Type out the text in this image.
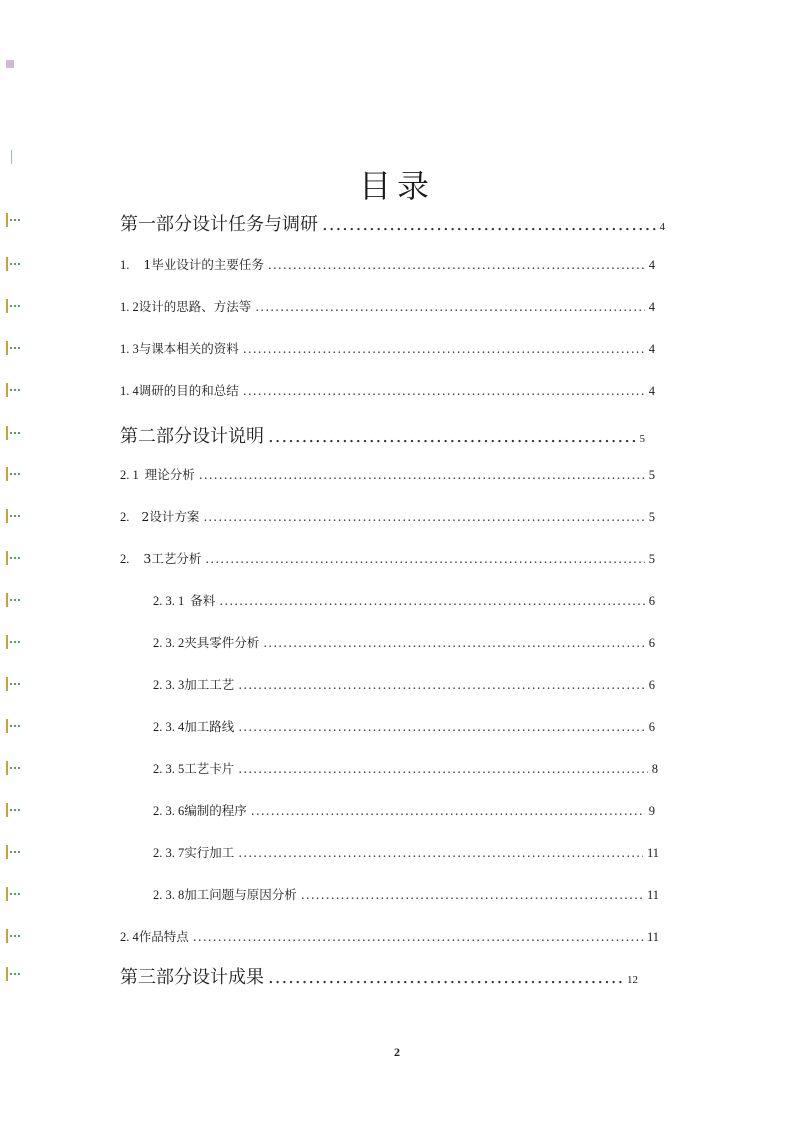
目录
第一部分设计任务与调研 .....	4
1. 1毕业设计的主要任务 .....	4
1. 2 设计的思路、方法等 .....	4
1. 3 与课本相关的资料 .....	4
1. 4 调研的目的和总结 .....	4
第二部分设计说明 .....	5
2. 1 理论分析 .....	5
2. 2设计方案 .....	5
2. 3工艺分析 .....	5
2. 3. 1 备料 .....	6
2. 3. 2 夹具零件分析 .....	6
2. 3. 3 加工工艺 .....	6
2. 3. 4 加工路线 .....	6
2. 3. 5 工艺卡片 .....	8
2. 3. 6 编制的程序 .....	9
2. 3. 7 实行加工 .....	11
2. 3. 8 加工问题与原因分析 .....	11
2. 4 作品特点 .....	11
第三部分设计成果 .....	12
2
